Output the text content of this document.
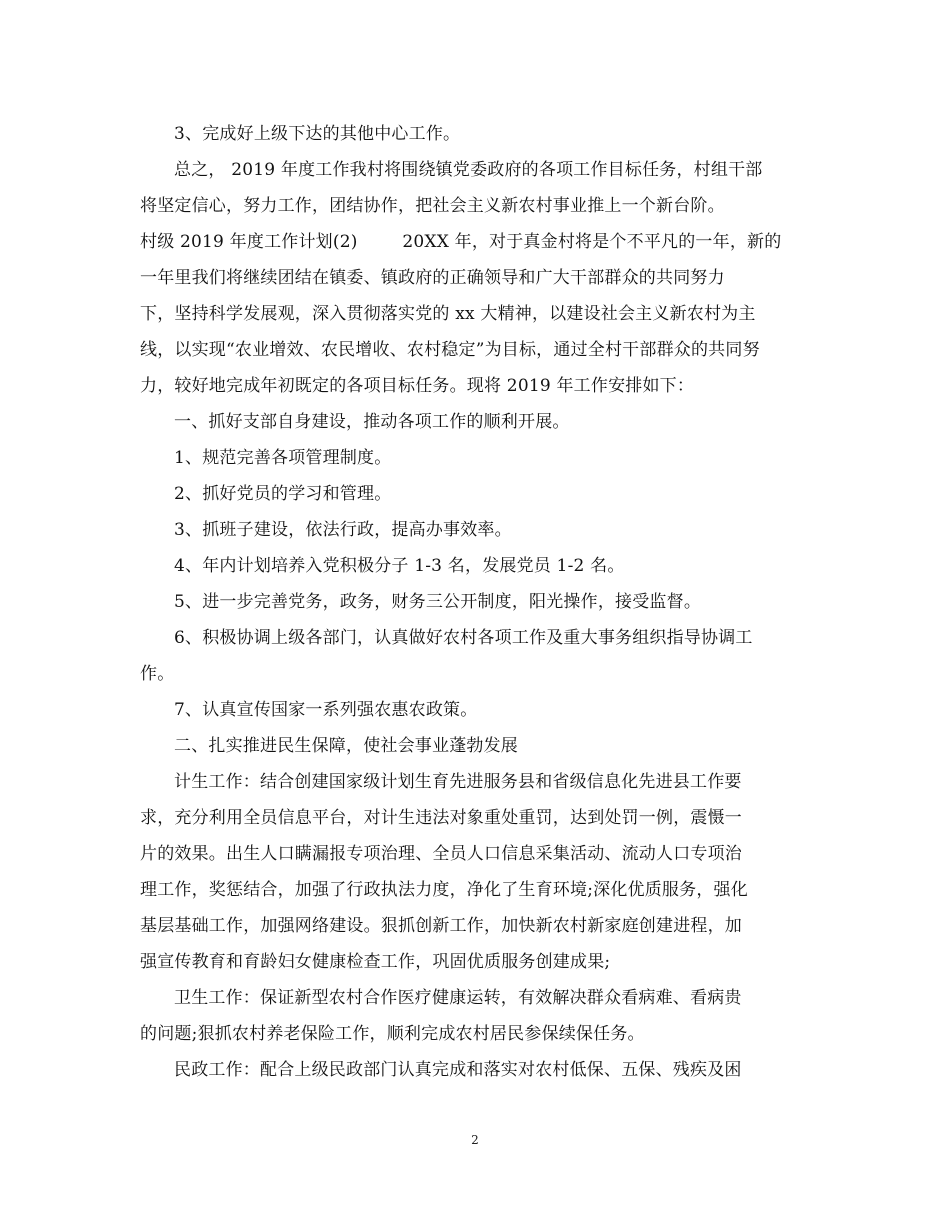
3、完成好上级下达的其他中心工作。
总之， 2019 年度工作我村将围绕镇党委政府的各项工作目标任务，村组干部
将坚定信心，努力工作，团结协作，把社会主义新农村事业推上一个新台阶。
村级 2019 年度工作计划(2)        20XX 年，对于真金村将是个不平凡的一年，新的
一年里我们将继续团结在镇委、镇政府的正确领导和广大干部群众的共同努力
下，坚持科学发展观，深入贯彻落实党的 xx 大精神，以建设社会主义新农村为主
线，以实现“农业增效、农民增收、农村稳定”为目标，通过全村干部群众的共同努
力，较好地完成年初既定的各项目标任务。现将 2019 年工作安排如下：
一、抓好支部自身建设，推动各项工作的顺利开展。
1、规范完善各项管理制度。
2、抓好党员的学习和管理。
3、抓班子建设，依法行政，提高办事效率。
4、年内计划培养入党积极分子 1-3 名，发展党员 1-2 名。
5、进一步完善党务，政务，财务三公开制度，阳光操作，接受监督。
6、积极协调上级各部门，认真做好农村各项工作及重大事务组织指导协调工
作。
7、认真宣传国家一系列强农惠农政策。
二、扎实推进民生保障，使社会事业蓬勃发展
计生工作：结合创建国家级计划生育先进服务县和省级信息化先进县工作要
求，充分利用全员信息平台，对计生违法对象重处重罚，达到处罚一例，震慑一
片的效果。出生人口瞒漏报专项治理、全员人口信息采集活动、流动人口专项治
理工作，奖惩结合，加强了行政执法力度，净化了生育环境;深化优质服务，强化
基层基础工作，加强网络建设。狠抓创新工作，加快新农村新家庭创建进程，加
强宣传教育和育龄妇女健康检查工作，巩固优质服务创建成果;
卫生工作：保证新型农村合作医疗健康运转，有效解决群众看病难、看病贵
的问题;狠抓农村养老保险工作，顺利完成农村居民参保续保任务。
民政工作：配合上级民政部门认真完成和落实对农村低保、五保、残疾及困
2
